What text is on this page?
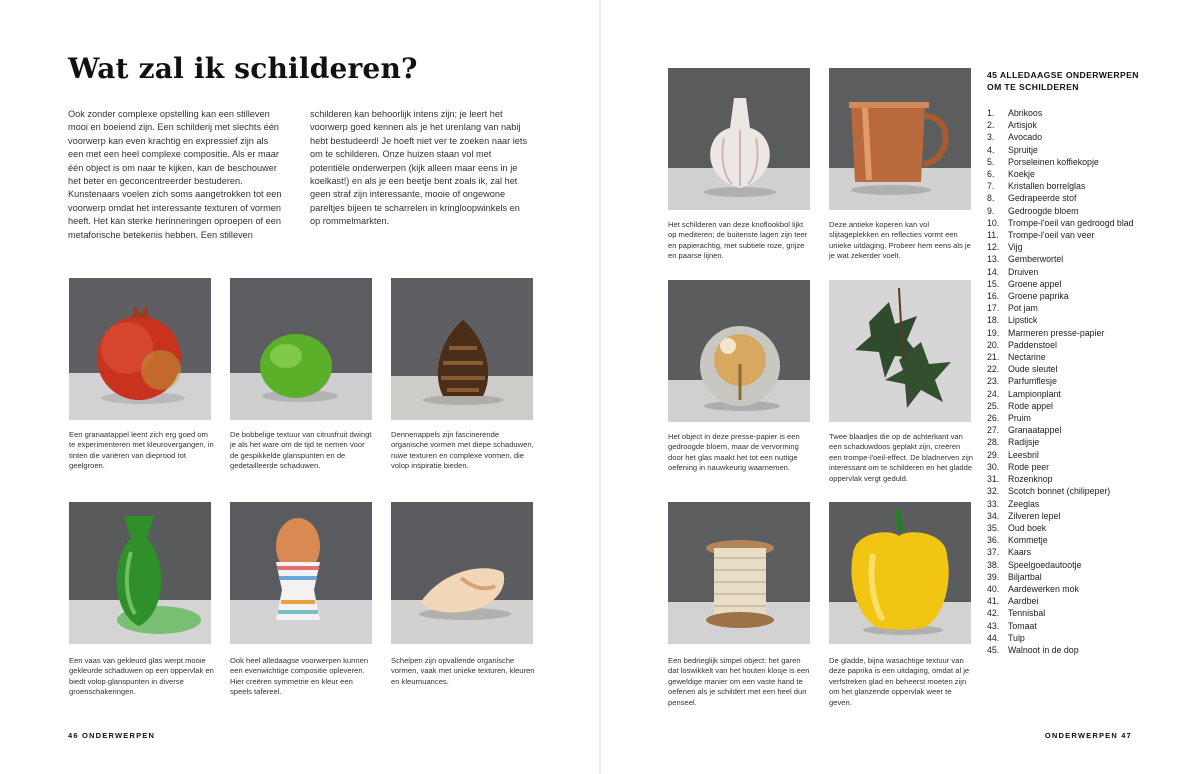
Wat zal ik schilderen?

Ook zonder complexe opstelling kan een stilleven mooi en boeiend zijn. Een schilderij met slechts één voorwerp kan even krachtig en expressief zijn als een met een heel complexe compositie. Als er maar één object is om naar te kijken, kan de beschouwer het beter en geconcentreerder bestuderen. Kunstenaars voelen zich soms aangetrokken tot een voorwerp omdat het interessante texturen of vormen heeft. Het kan sterke herinneringen oproepen of een metaforische betekenis hebben. Een stilleven

schilderen kan behoorlijk intens zijn; je leert het voorwerp goed kennen als je het urenlang van nabij hebt bestudeerd! Je hoeft niet ver te zoeken naar iets om te schilderen. Onze huizen staan vol met potentiële onderwerpen (kijk alleen maar eens in je koelkast!) en als je een beetje bent zoals ik, zal het geen straf zijn interessante, mooie of ongewone pareltjes bijeen te scharrelen in kringloopwinkels en op rommelmarkten.

Een granaatappel leent zich erg goed om te experimenteren met kleurovergangen, in tinten die variëren van dieprood tot geelgroen.

De bobbelige textuur van citrusfruit dwingt je als het ware om de tijd te nemen voor de gespikkelde glanspunten en de gedetailleerde schaduwen.

Dennenappels zijn fascinerende organische vormen met diepe schaduwen, ruwe texturen en complexe vormen, die volop inspiratie bieden.

Een vaas van gekleurd glas werpt mooie gekleurde schaduwen op een oppervlak en biedt volop glanspunten in diverse groenschakeringen.

Ook heel alledaagse voorwerpen kunnen een evenwichtige compositie opleveren. Hier creëren symmetrie en kleur een speels tafereel.

Schelpen zijn opvallende organische vormen, vaak met unieke texturen, kleuren en kleurnuances.

46 ONDERWERPEN

Het schilderen van deze knoflookbol lijkt op mediteren; de buitenste lagen zijn teer en papierachtig, met subtiele roze, grijze en paarse lijnen.

Deze antieke koperen kan vol slijtageplekken en reflecties vormt een unieke uitdaging. Probeer hem eens als je je wat zekerder voelt.

Het object in deze presse-papier is een gedroogde bloem, maar de vervorming door het glas maakt het tot een nuttige oefening in nauwkeurig waarnemen.

Twee blaadjes die op de achterkant van een schaduwdoos geplakt zijn, creëren een trompe-l'oeil-effect. De bladnerven zijn interessant om te schilderen en het gladde oppervlak vergt geduld.

Een bedrieglijk simpel object: het garen dat loswikkelt van het houten klosje is een geweldige manier om een vaste hand te oefenen als je schildert met een heel dun penseel.

De gladde, bijna wasachtige textuur van deze paprika is een uitdaging, omdat al je verfstreken glad en beheerst moeten zijn om het glanzende oppervlak weer te geven.

45 ALLEDAAGSE ONDERWERPEN OM TE SCHILDEREN
1.	Abrikoos
2.	Artisjok
3.	Avocado
4.	Spruitje
5.	Porseleinen koffiekopje
6.	Koekje
7.	Kristallen borrelglas
8.	Gedrapeerde stof
9.	Gedroogde bloem
10. Trompe-l'oeil van gedroogd blad
11.	Trompe-l'oeil van veer
12. Vijg
13. Gemberwortel
14. Druiven
15. Groene appel
16. Groene paprika
17. Pot jam
18. Lipstick
19. Marmeren presse-papier
20. Paddenstoel
21. Nectarine
22. Oude sleutel
23. Parfumflesje
24. Lampionplant
25. Rode appel
26. Pruim
27. Granaatappel
28. Radijsje
29. Leesbril
30. Rode peer
31. Rozenknop
32. Scotch bonnet (chilipeper)
33. Zeeglas
34. Zilveren lepel
35. Oud boek
36. Kommetje
37. Kaars
38. Speelgoedautootje
39. Biljartbal
40. Aardewerken mok
41. Aardbei
42. Tennisbal
43. Tomaat
44. Tulp
45. Walnoot in de dop
ONDERWERPEN 47
